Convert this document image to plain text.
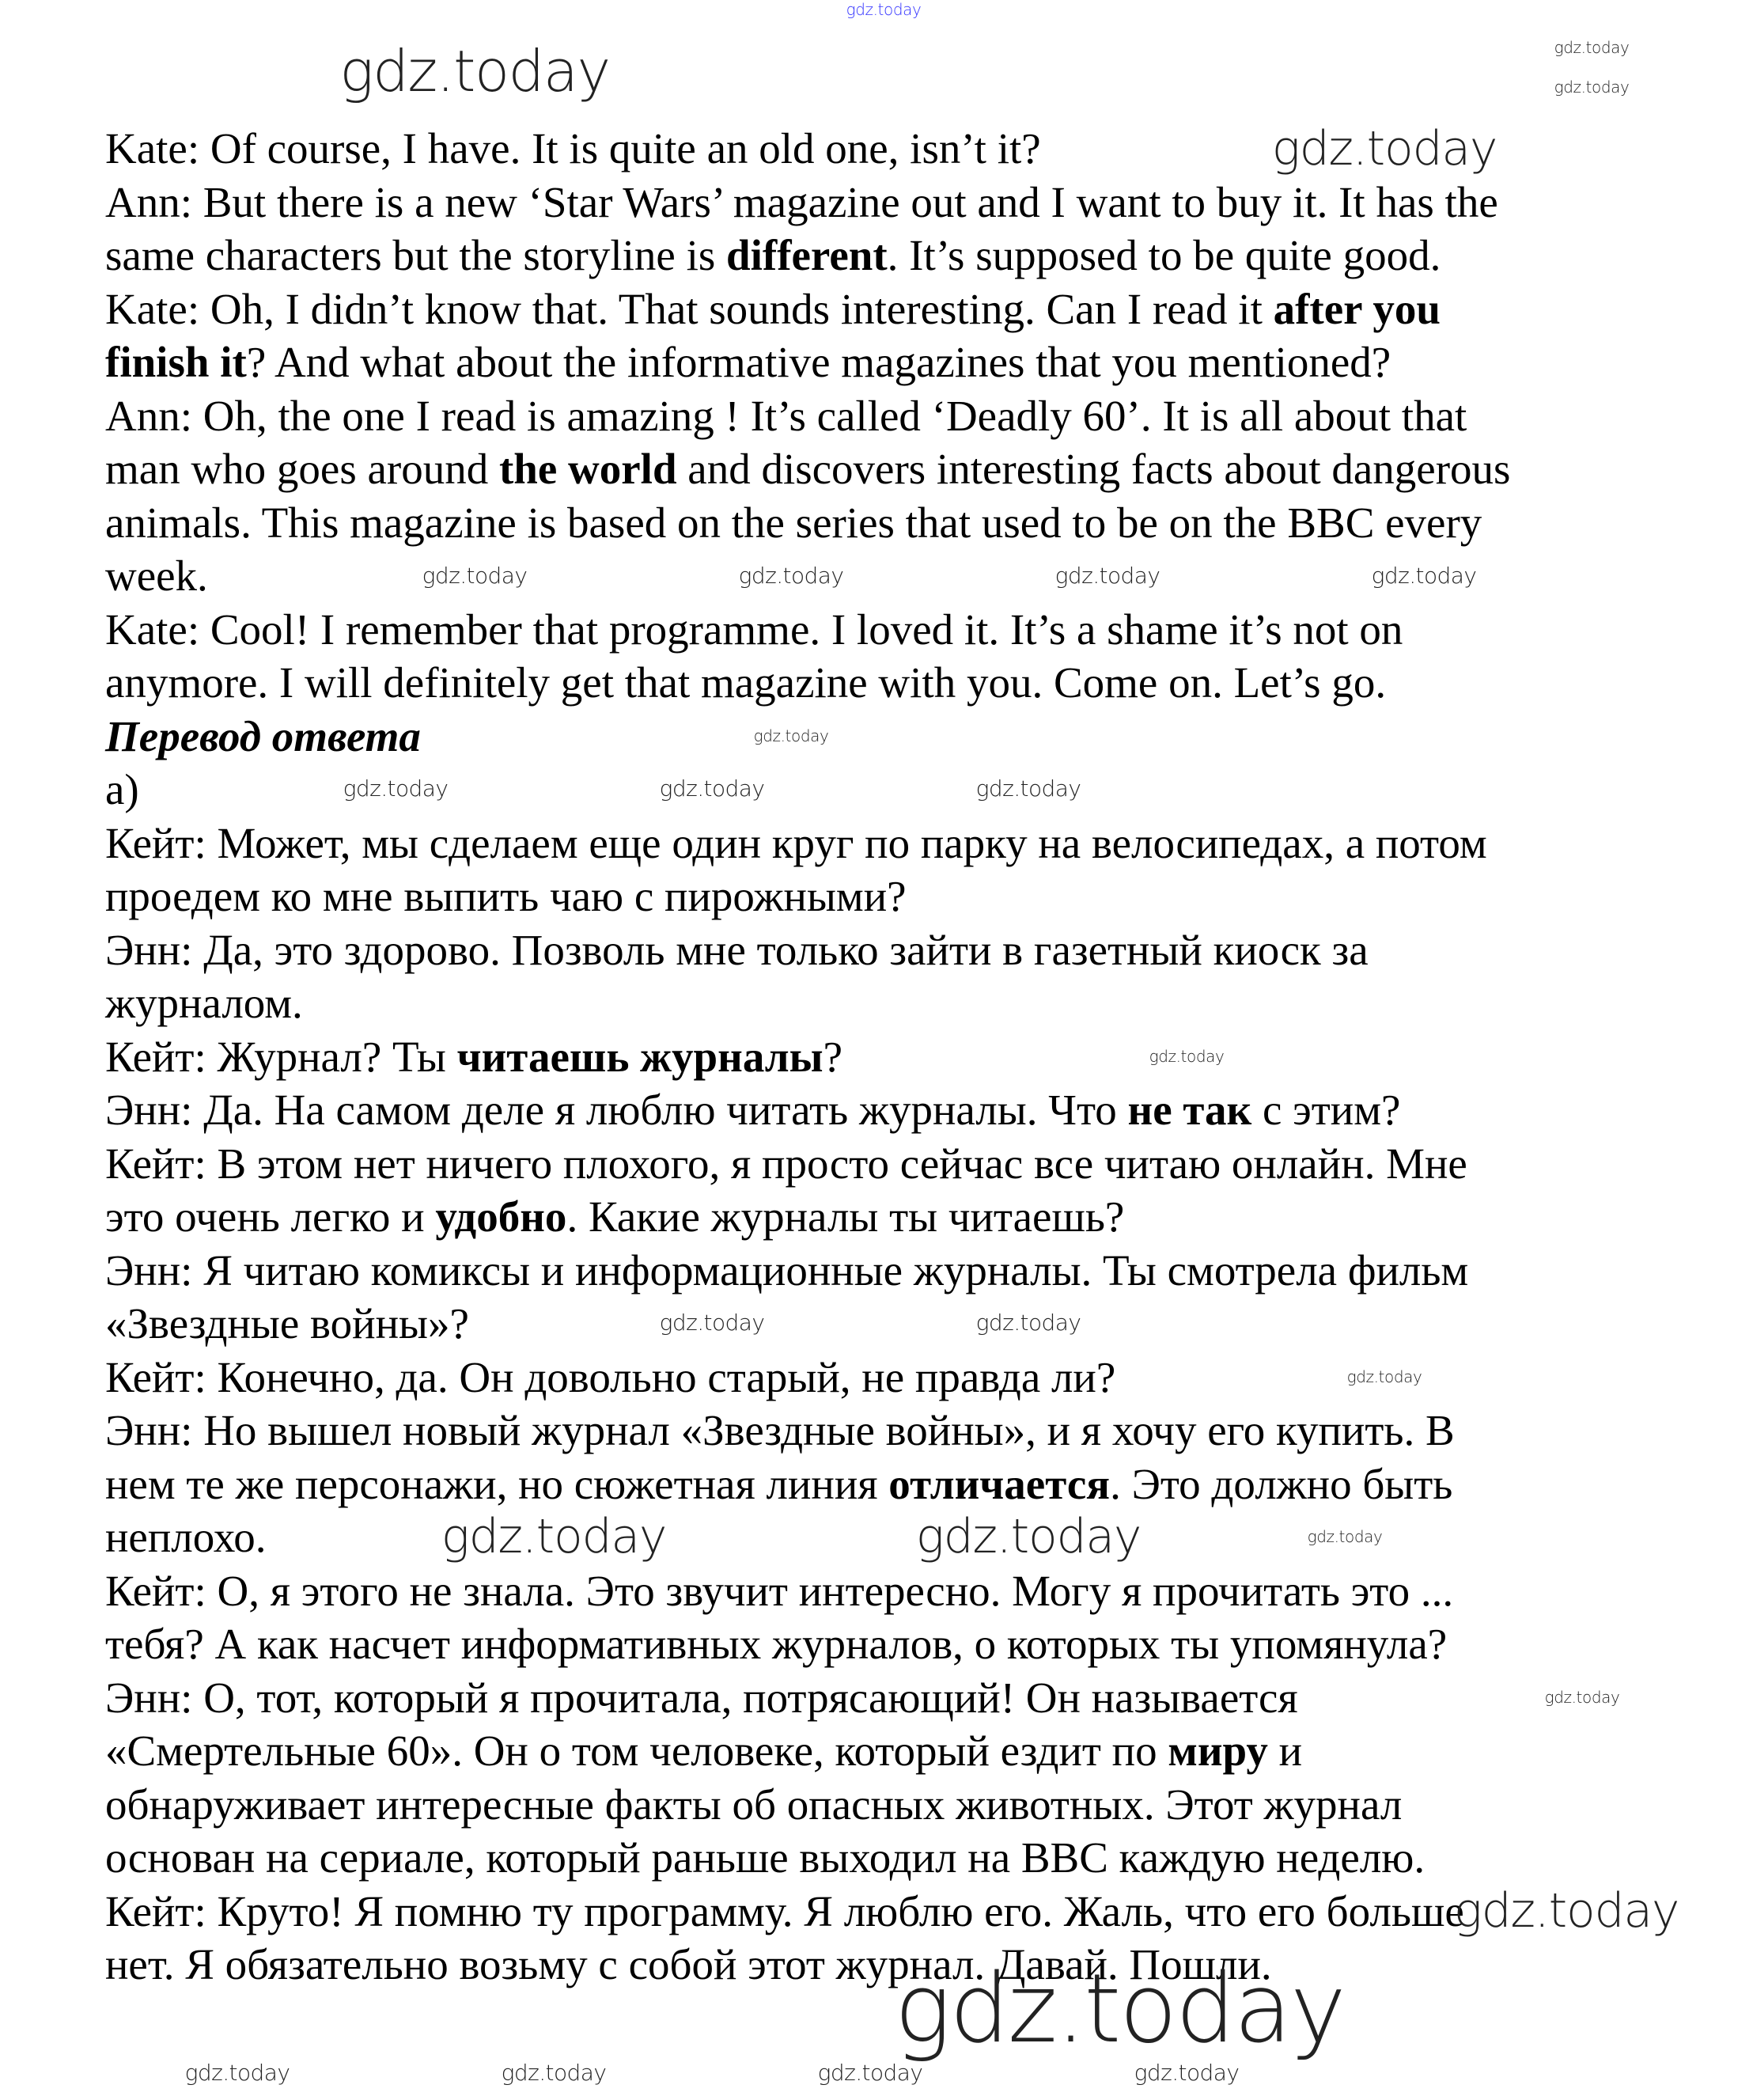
Kate: Of course, I have. It is quite an old one, isn’t it?
Ann: But there is a new ‘Star Wars’ magazine out and I want to buy it. It has the
same characters but the storyline is different. It’s supposed to be quite good.
Kate: Oh, I didn’t know that. That sounds interesting. Can I read it after you
finish it? And what about the informative magazines that you mentioned?
Ann: Oh, the one I read is amazing ! It’s called ‘Deadly 60’. It is all about that
man who goes around the world and discovers interesting facts about dangerous
animals. This magazine is based on the series that used to be on the BBC every
week.
Kate: Cool! I remember that programme. I loved it. It’s a shame it’s not on
anymore. I will definitely get that magazine with you. Come on. Let’s go.
Перевод ответа
а)
Кейт: Может, мы сделаем еще один круг по парку на велосипедах, а потом
проедем ко мне выпить чаю с пирожными?
Энн: Да, это здорово. Позволь мне только зайти в газетный киоск за
журналом.
Кейт: Журнал? Ты читаешь журналы?
Энн: Да. На самом деле я люблю читать журналы. Что не так с этим?
Кейт: В этом нет ничего плохого, я просто сейчас все читаю онлайн. Мне
это очень легко и удобно. Какие журналы ты читаешь?
Энн: Я читаю комиксы и информационные журналы. Ты смотрела фильм
«Звездные войны»?
Кейт: Конечно, да. Он довольно старый, не правда ли?
Энн: Но вышел новый журнал «Звездные войны», и я хочу его купить. В
нем те же персонажи, но сюжетная линия отличается. Это должно быть
неплохо.
Кейт: О, я этого не знала. Это звучит интересно. Могу я прочитать это ...
тебя? А как насчет информативных журналов, о которых ты упомянула?
Энн: О, тот, который я прочитала, потрясающий! Он называется
«Смертельные 60». Он о том человеке, который ездит по миру и
обнаруживает интересные факты об опасных животных. Этот журнал
основан на сериале, который раньше выходил на BBC каждую неделю.
Кейт: Круто! Я помню ту программу. Я люблю его. Жаль, что его больше
нет. Я обязательно возьму с собой этот журнал. Давай. Пошли.
gdz.today
gdz.today
gdz.today
gdz.today	gdz.today	gdz.today
gdz.today
gdz.today	gdz.today	gdz.today	gdz.today
gdz.today
gdz.today
gdz.today
gdz.today	gdz.today
gdz.today
gdz.today
gdz.today	gdz.today
gdz.today
gdz.today
gdz.today	gdz.today	gdz.today	gdz.today
gdz.today
